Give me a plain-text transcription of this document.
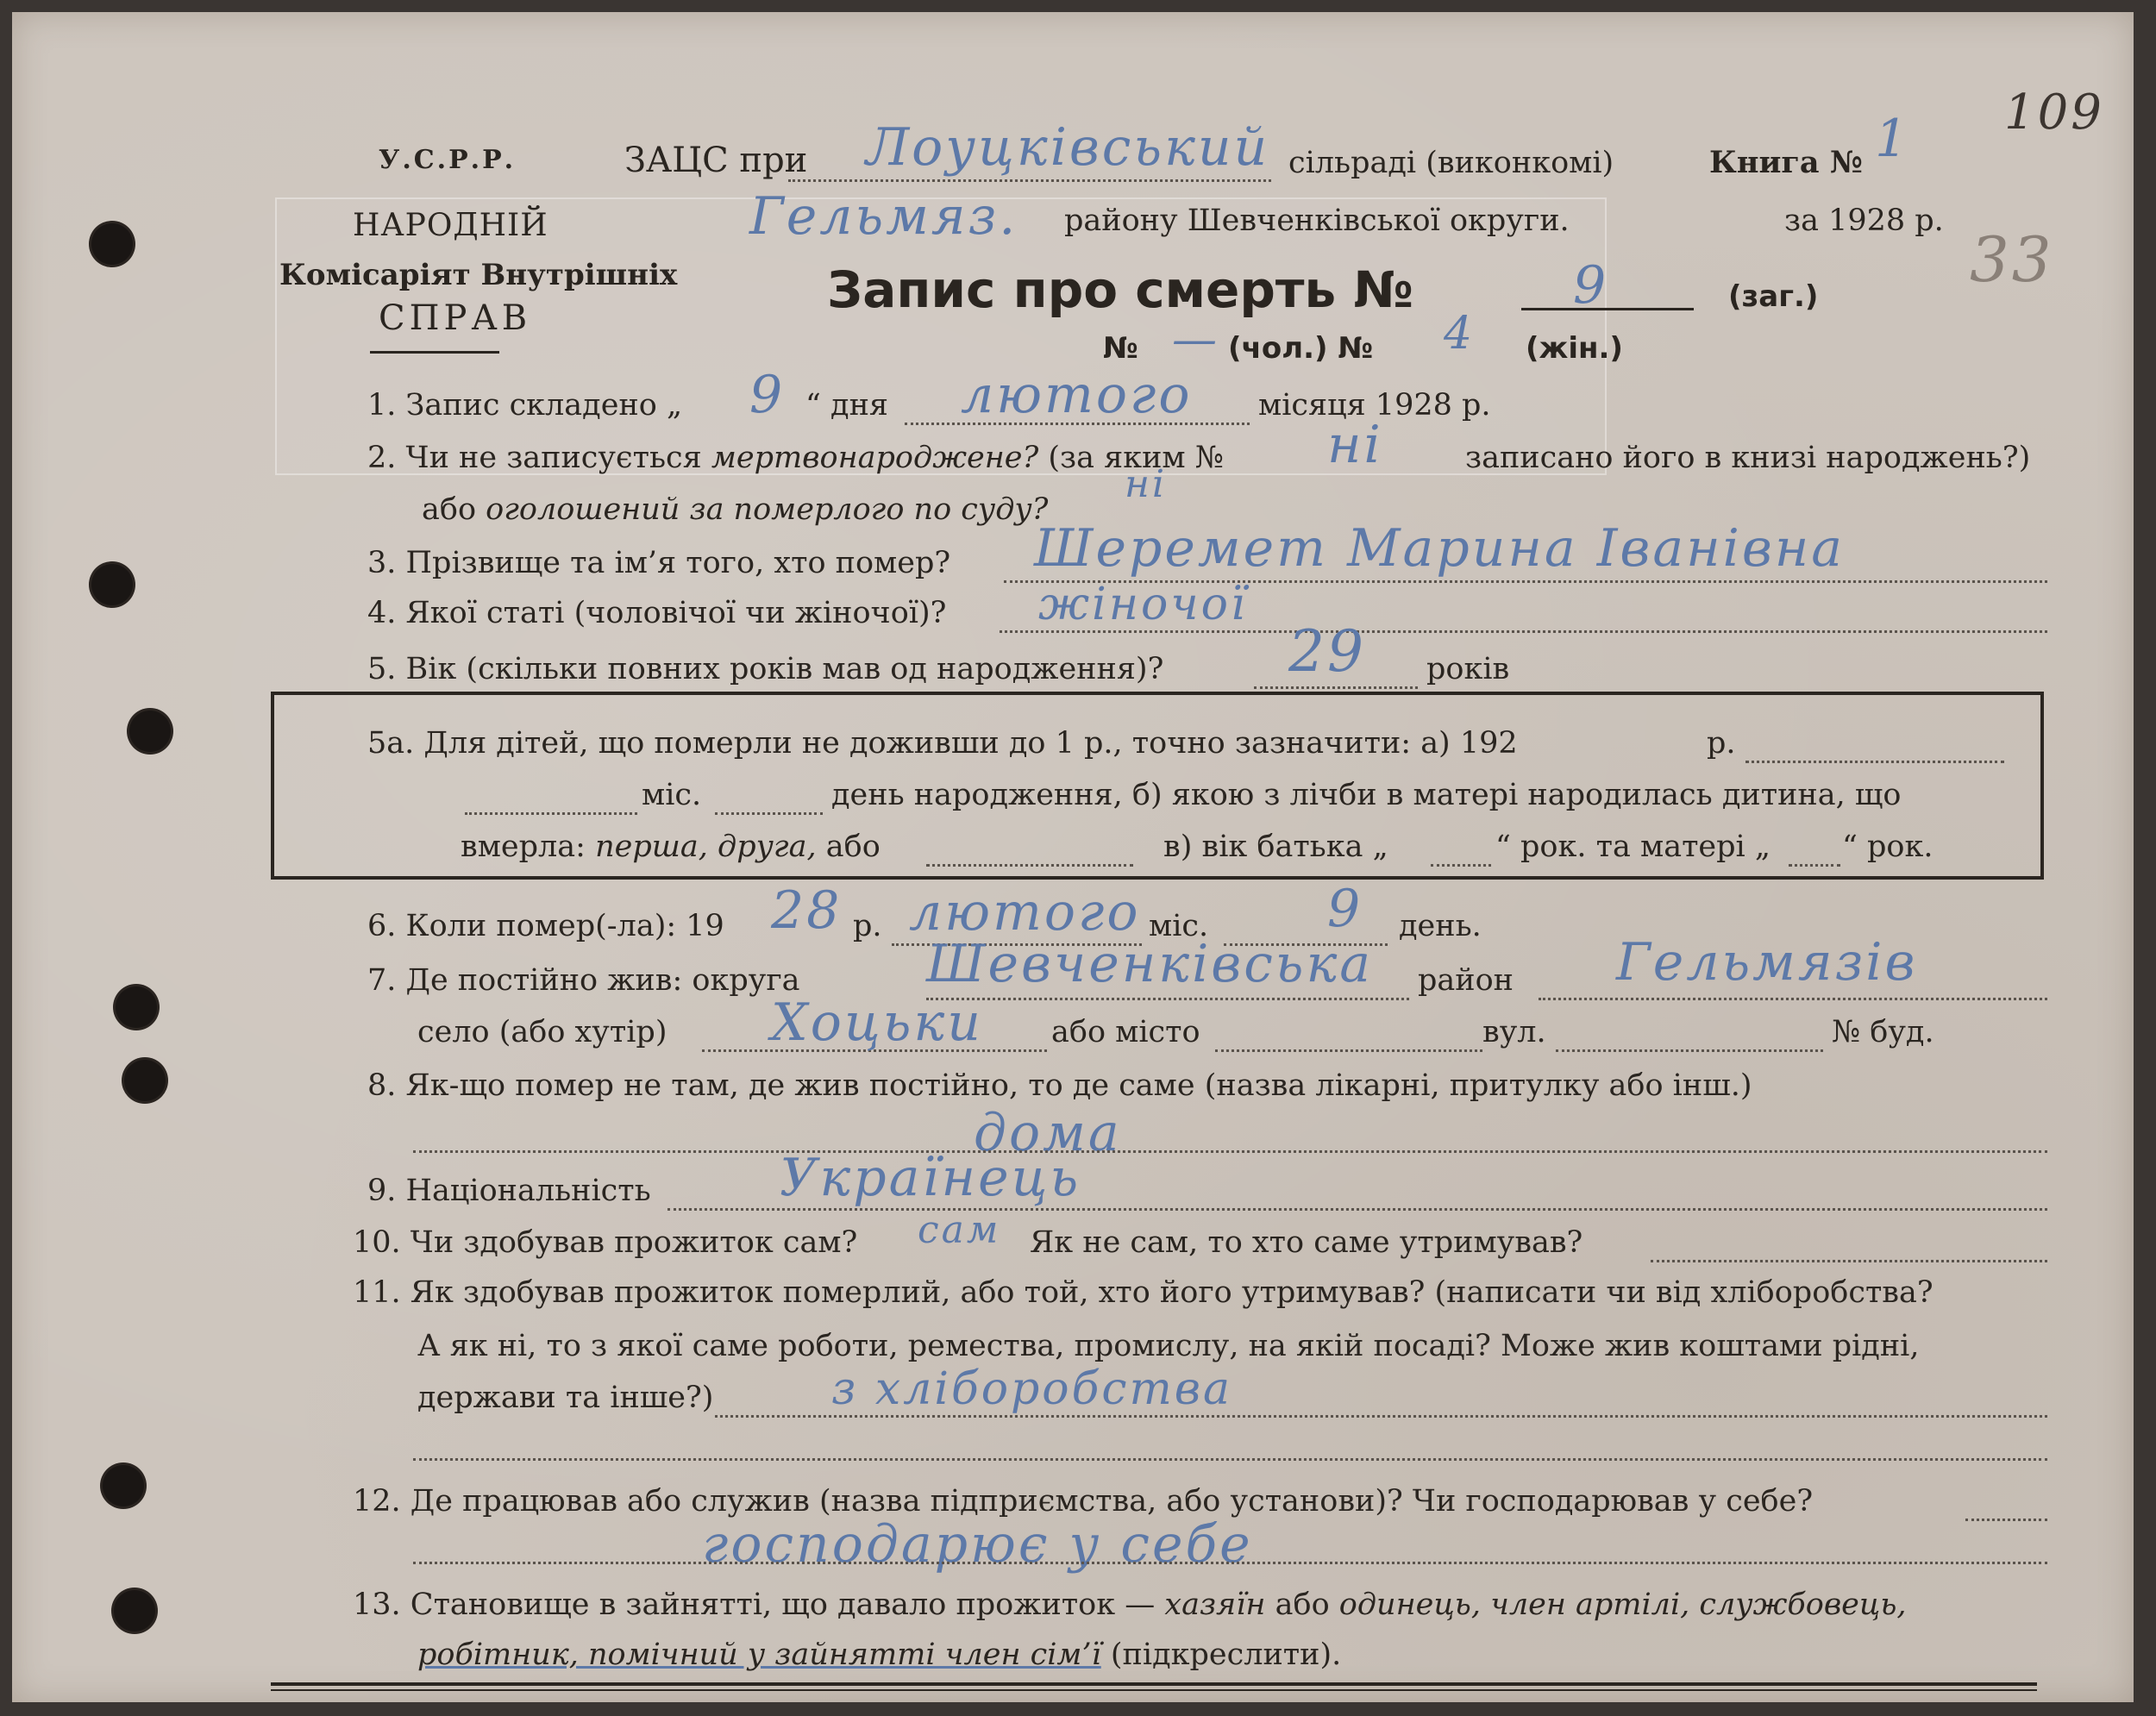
У.С.Р.Р.	ЗАЦС при Лоуцківський сільраді (виконкомі)	Книга № 1 109
33
Гельмяз. району Шевченківської округи.	за 1928 р.
НАРОДНІЙ
Комісаріят Внутрішніх
СПРАВ	Запис про смерть №	9	(заг.)
№ — (чол.) № 4 (жін.)
1. Запис складено „ 9 “ дня лютого місяця 1928 р.
2. Чи не записується мертвонароджене? (за яким № ні	записано його в книзі народжень?)
або оголошений за померлого по суду?
ні
3. Прізвище та ім’я того, хто помер? Шеремет Марина Іванівна
4. Якої статі (чоловічої чи жіночої)? жіночої
5. Вік (скільки повних років мав од народження)? 29 років
5а. Для дітей, що померли не доживши до 1 р., точно зазначити: а) 192	р.
міс.	день народження, б) якою з лічби в матері народилась дитина, що
вмерла: перша, друга, або	в) вік батька „	“ рок. та матері „ “ рок.
6. Коли помер(-ла): 19 28 р. лютого міс. 9 день.
7. Де постійно жив: округа Шевченківська район Гельмязів
село (або хутір) Хоцьки або місто	вул.	№ буд.
8. Як-що помер не там, де жив постійно, то де саме (назва лікарні, притулку або інш.)
дома
9. Національність Українець
10. Чи здобував прожиток сам? сам Як не сам, то хто саме утримував?
11. Як здобував прожиток померлий, або той, хто його утримував? (написати чи від хліборобства?
А як ні, то з якої саме роботи, ремества, промислу, на якій посаді? Може жив коштами рідні,
держави та інше?)	з хліборобства
12. Де працював або служив (назва підприємства, або установи)? Чи господарював у себе?
господарює у себе
13. Становище в зайнятті, що давало прожиток — хазяїн або одинець, член артілі, службовець,
робітник, помічний у зайнятті член сім’ї (підкреслити).
